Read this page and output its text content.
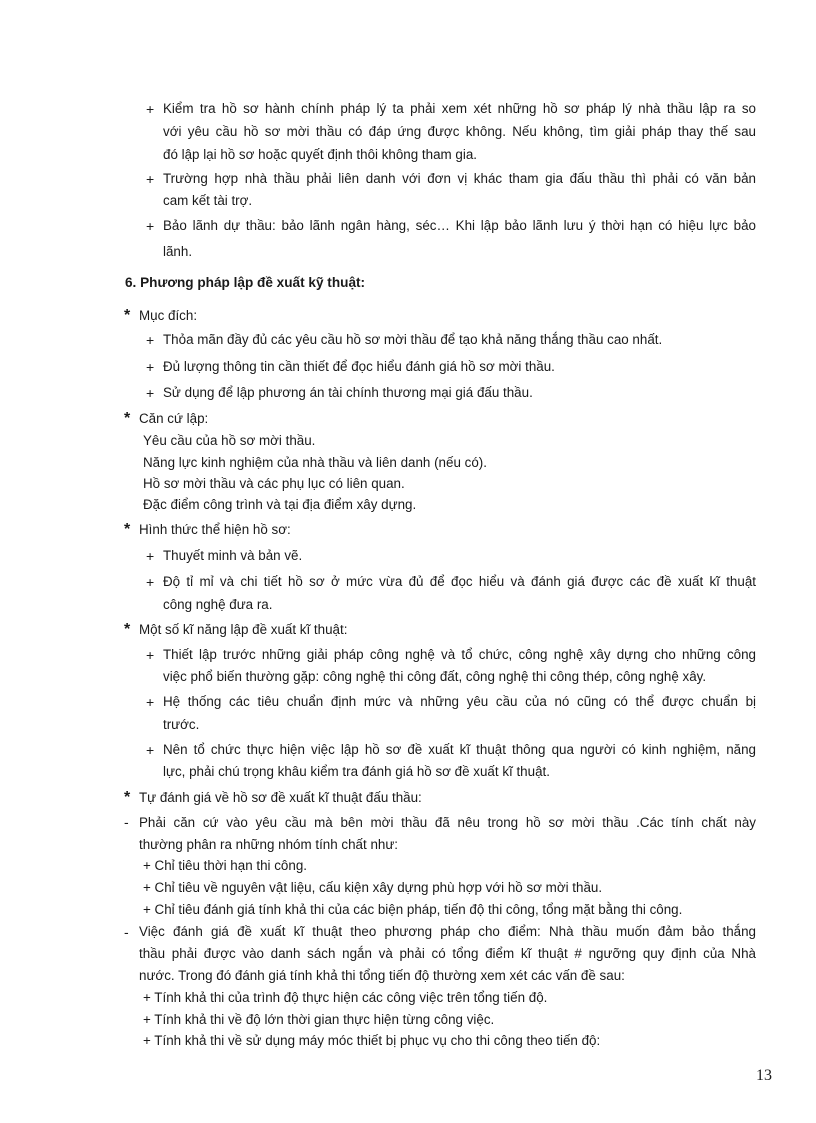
+ Kiểm tra hồ sơ hành chính pháp lý ta phải xem xét những hồ sơ pháp lý nhà thầu lập ra so
với yêu cầu hồ sơ mời thầu có đáp ứng được không. Nếu không, tìm giải pháp thay thế sau
đó lập lại hồ sơ hoặc quyết định thôi không tham gia.
+ Trường hợp nhà thầu phải liên danh với đơn vị khác tham gia đấu thầu thì phải có văn bản
cam kết tài trợ.
+ Bảo lãnh dự thầu: bảo lãnh ngân hàng, séc… Khi lập bảo lãnh lưu ý thời hạn có hiệu lực bảo
lãnh.
6. Phương pháp lập đề xuất kỹ thuật:
* Mục đích:
+ Thỏa mãn đầy đủ các yêu cầu hồ sơ mời thầu để tạo khả năng thắng thầu cao nhất.
+ Đủ lượng thông tin cần thiết để đọc hiểu đánh giá hồ sơ mời thầu.
+ Sử dụng để lập phương án tài chính thương mại giá đấu thầu.
* Căn cứ lập:
Yêu cầu của hồ sơ mời thầu.
Năng lực kinh nghiệm của nhà thầu và liên danh (nếu có).
Hồ sơ mời thầu và các phụ lục có liên quan.
Đặc điểm công trình và tại địa điểm xây dựng.
* Hình thức thể hiện hồ sơ:
+ Thuyết minh và bản vẽ.
+ Độ tỉ mỉ và chi tiết hồ sơ ở mức vừa đủ để đọc hiểu và đánh giá được các đề xuất kĩ thuật
công nghệ đưa ra.
* Một số kĩ năng lập đề xuất kĩ thuật:
+ Thiết lập trước những giải pháp công nghệ và tổ chức, công nghệ xây dựng cho những công
việc phổ biến thường gặp: công nghệ thi công đất, công nghệ thi công thép, công nghệ xây.
+ Hệ thống các tiêu chuẩn định mức và những yêu cầu của nó cũng có thể được chuẩn bị
trước.
+ Nên tổ chức thực hiện việc lập hồ sơ đề xuất kĩ thuật thông qua người có kinh nghiệm, năng
lực, phải chú trọng khâu kiểm tra đánh giá hồ sơ đề xuất kĩ thuật.
* Tự đánh giá về hồ sơ đề xuất kĩ thuật đấu thầu:
- Phải căn cứ vào yêu cầu mà bên mời thầu đã nêu trong hồ sơ mời thầu .Các tính chất này
thường phân ra những nhóm tính chất như:
+ Chỉ tiêu thời hạn thi công.
+ Chỉ tiêu về nguyên vật liệu, cấu kiện xây dựng phù hợp với hồ sơ mời thầu.
+ Chỉ tiêu đánh giá tính khả thi của các biện pháp, tiến độ thi công, tổng mặt bằng thi công.
- Việc đánh giá đề xuất kĩ thuật theo phương pháp cho điểm: Nhà thầu muốn đảm bảo thắng
thầu phải được vào danh sách ngắn và phải có tổng điểm kĩ thuật # ngưỡng quy định của Nhà
nước. Trong đó đánh giá tính khả thi tổng tiến độ thường xem xét các vấn đề sau:
+ Tính khả thi của trình độ thực hiện các công việc trên tổng tiến độ.
+ Tính khả thi về độ lớn thời gian thực hiện từng công việc.
+ Tính khả thi về sử dụng máy móc thiết bị phục vụ cho thi công theo tiến độ:
13
